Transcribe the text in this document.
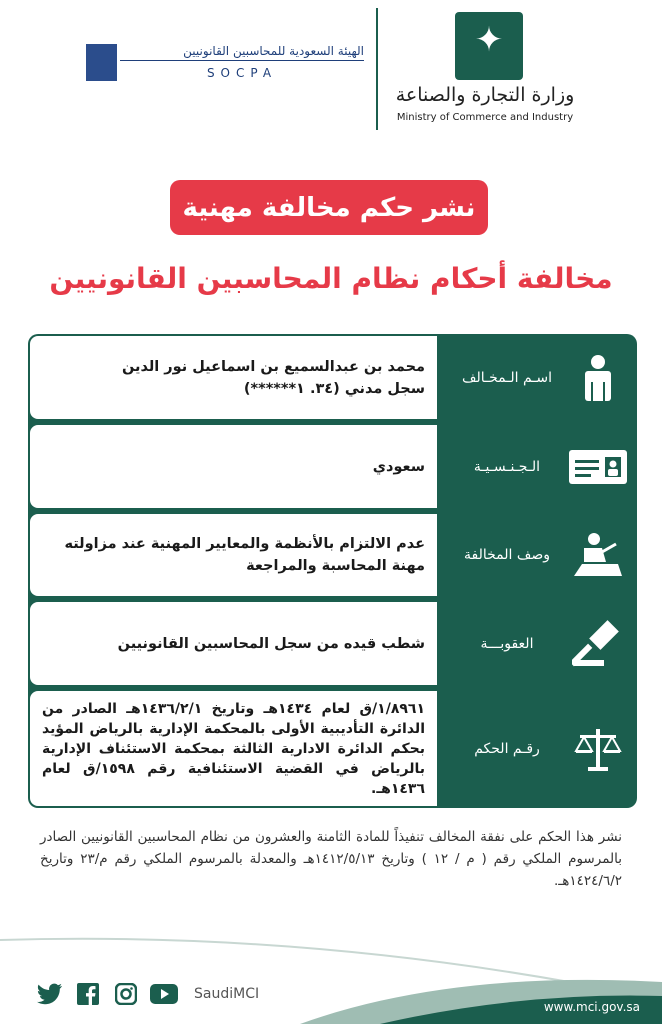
✦
وزارة التجارة والصناعة
Ministry of Commerce and Industry
الهيئة السعودية للمحاسبين القانونيين
SOCPA
نشر حكم مخالفة مهنية
مخالفة أحكام نظام المحاسبين القانونيين
محمد بن عبدالسميع بن اسماعيل نور الدين
سجل مدني (٣٤. ١******)
اسـم الـمخـالف
سعودي	الـجـنـسـيـة
عدم الالتزام بالأنظمة والمعايير المهنية عند مزاولته
مهنة المحاسبة والمراجعة
وصف المخالفة
شطب قيده من سجل المحاسبين القانونيين	العقوبـــة
١/٨٩٦١/ق لعام ١٤٣٤هـ وتاريخ ١٤٣٦/٢/١هـ الصادر من الدائرة التأديبية الأولى بالمحكمة الإدارية بالرياض المؤيد بحكم الدائرة الادارية الثالثة بمحكمة الاستئناف الإدارية بالرياض في القضية الاستئنافية رقم ١٥٩٨/ق لعام ١٤٣٦هـ.
رقـم الحكم
نشر هذا الحكم على نفقة المخالف تنفيذاً للمادة الثامنة والعشرون من نظام المحاسبين القانونيين الصادر بالمرسوم الملكي رقم ( م / ١٢ ) وتاريخ ١٤١٢/٥/١٣هـ والمعدلة بالمرسوم الملكي رقم م/٢٣ وتاريخ ١٤٢٤/٦/٢هـ.
SaudiMCI
www.mci.gov.sa
